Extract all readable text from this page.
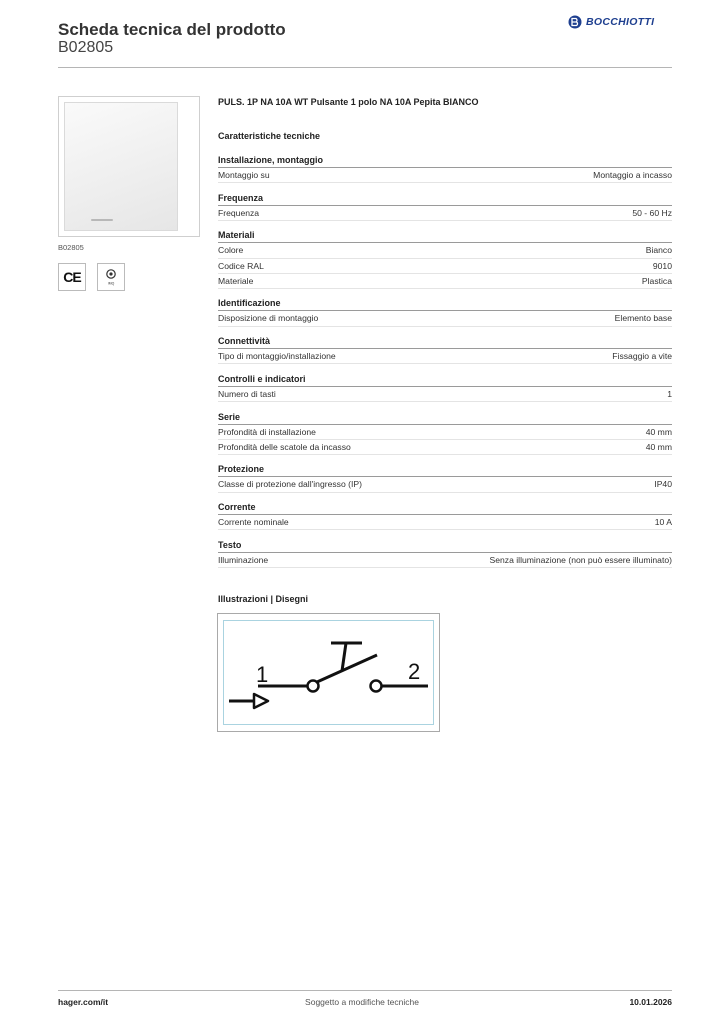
Scheda tecnica del prodotto
B02805
BOCCHIOTTI
B02805
CE	IMQ
PULS. 1P NA 10A WT Pulsante 1 polo NA 10A Pepita BIANCO
Caratteristiche tecniche
Installazione, montaggio
Montaggio su	Montaggio a incasso
Frequenza
Frequenza	50 - 60 Hz
Materiali
Colore	Bianco
Codice RAL	9010
Materiale	Plastica
Identificazione
Disposizione di montaggio	Elemento base
Connettività
Tipo di montaggio/installazione	Fissaggio a vite
Controlli e indicatori
Numero di tasti	1
Serie
Profondità di installazione	40 mm
Profondità delle scatole da incasso	40 mm
Protezione
Classe di protezione dall'ingresso (IP)	IP40
Corrente
Corrente nominale	10 A
Testo
Illuminazione	Senza illuminazione (non può essere illuminato)
Illustrazioni | Disegni
1	2
hager.com/it	Soggetto a modifiche tecniche	10.01.2026
